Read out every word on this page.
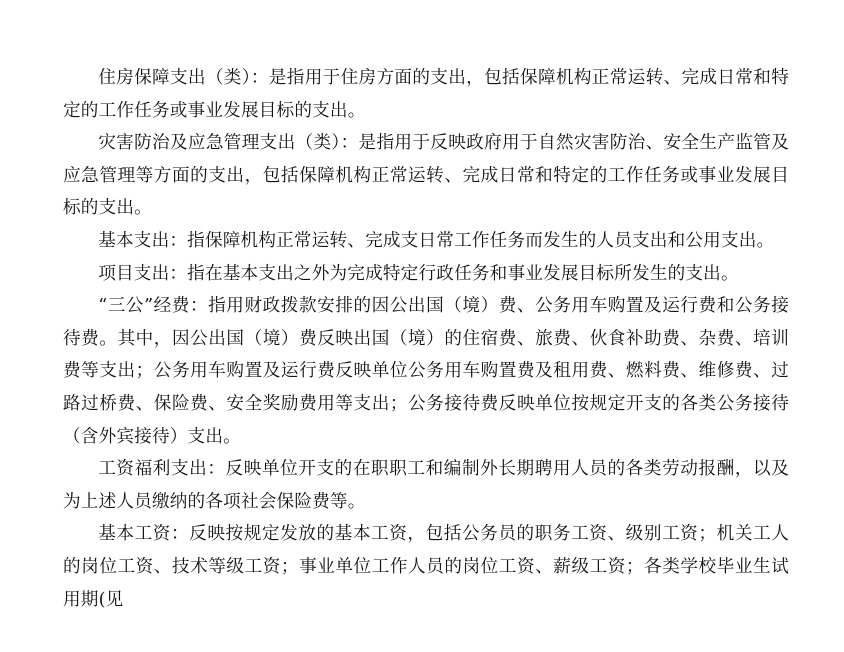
住房保障支出（类）：是指用于住房方面的支出，包括保障机构正常运转、完成日常和特定的工作任务或事业发展目标的支出。

灾害防治及应急管理支出（类）：是指用于反映政府用于自然灾害防治、安全生产监管及应急管理等方面的支出，包括保障机构正常运转、完成日常和特定的工作任务或事业发展目标的支出。

基本支出：指保障机构正常运转、完成支日常工作任务而发生的人员支出和公用支出。

项目支出：指在基本支出之外为完成特定行政任务和事业发展目标所发生的支出。

“三公”经费：指用财政拨款安排的因公出国（境）费、公务用车购置及运行费和公务接待费。其中，因公出国（境）费反映出国（境）的住宿费、旅费、伙食补助费、杂费、培训费等支出；公务用车购置及运行费反映单位公务用车购置费及租用费、燃料费、维修费、过路过桥费、保险费、安全奖励费用等支出；公务接待费反映单位按规定开支的各类公务接待（含外宾接待）支出。

工资福利支出：反映单位开支的在职职工和编制外长期聘用人员的各类劳动报酬，以及为上述人员缴纳的各项社会保险费等。

基本工资：反映按规定发放的基本工资，包括公务员的职务工资、级别工资；机关工人的岗位工资、技术等级工资；事业单位工作人员的岗位工资、薪级工资；各类学校毕业生试用期(见
